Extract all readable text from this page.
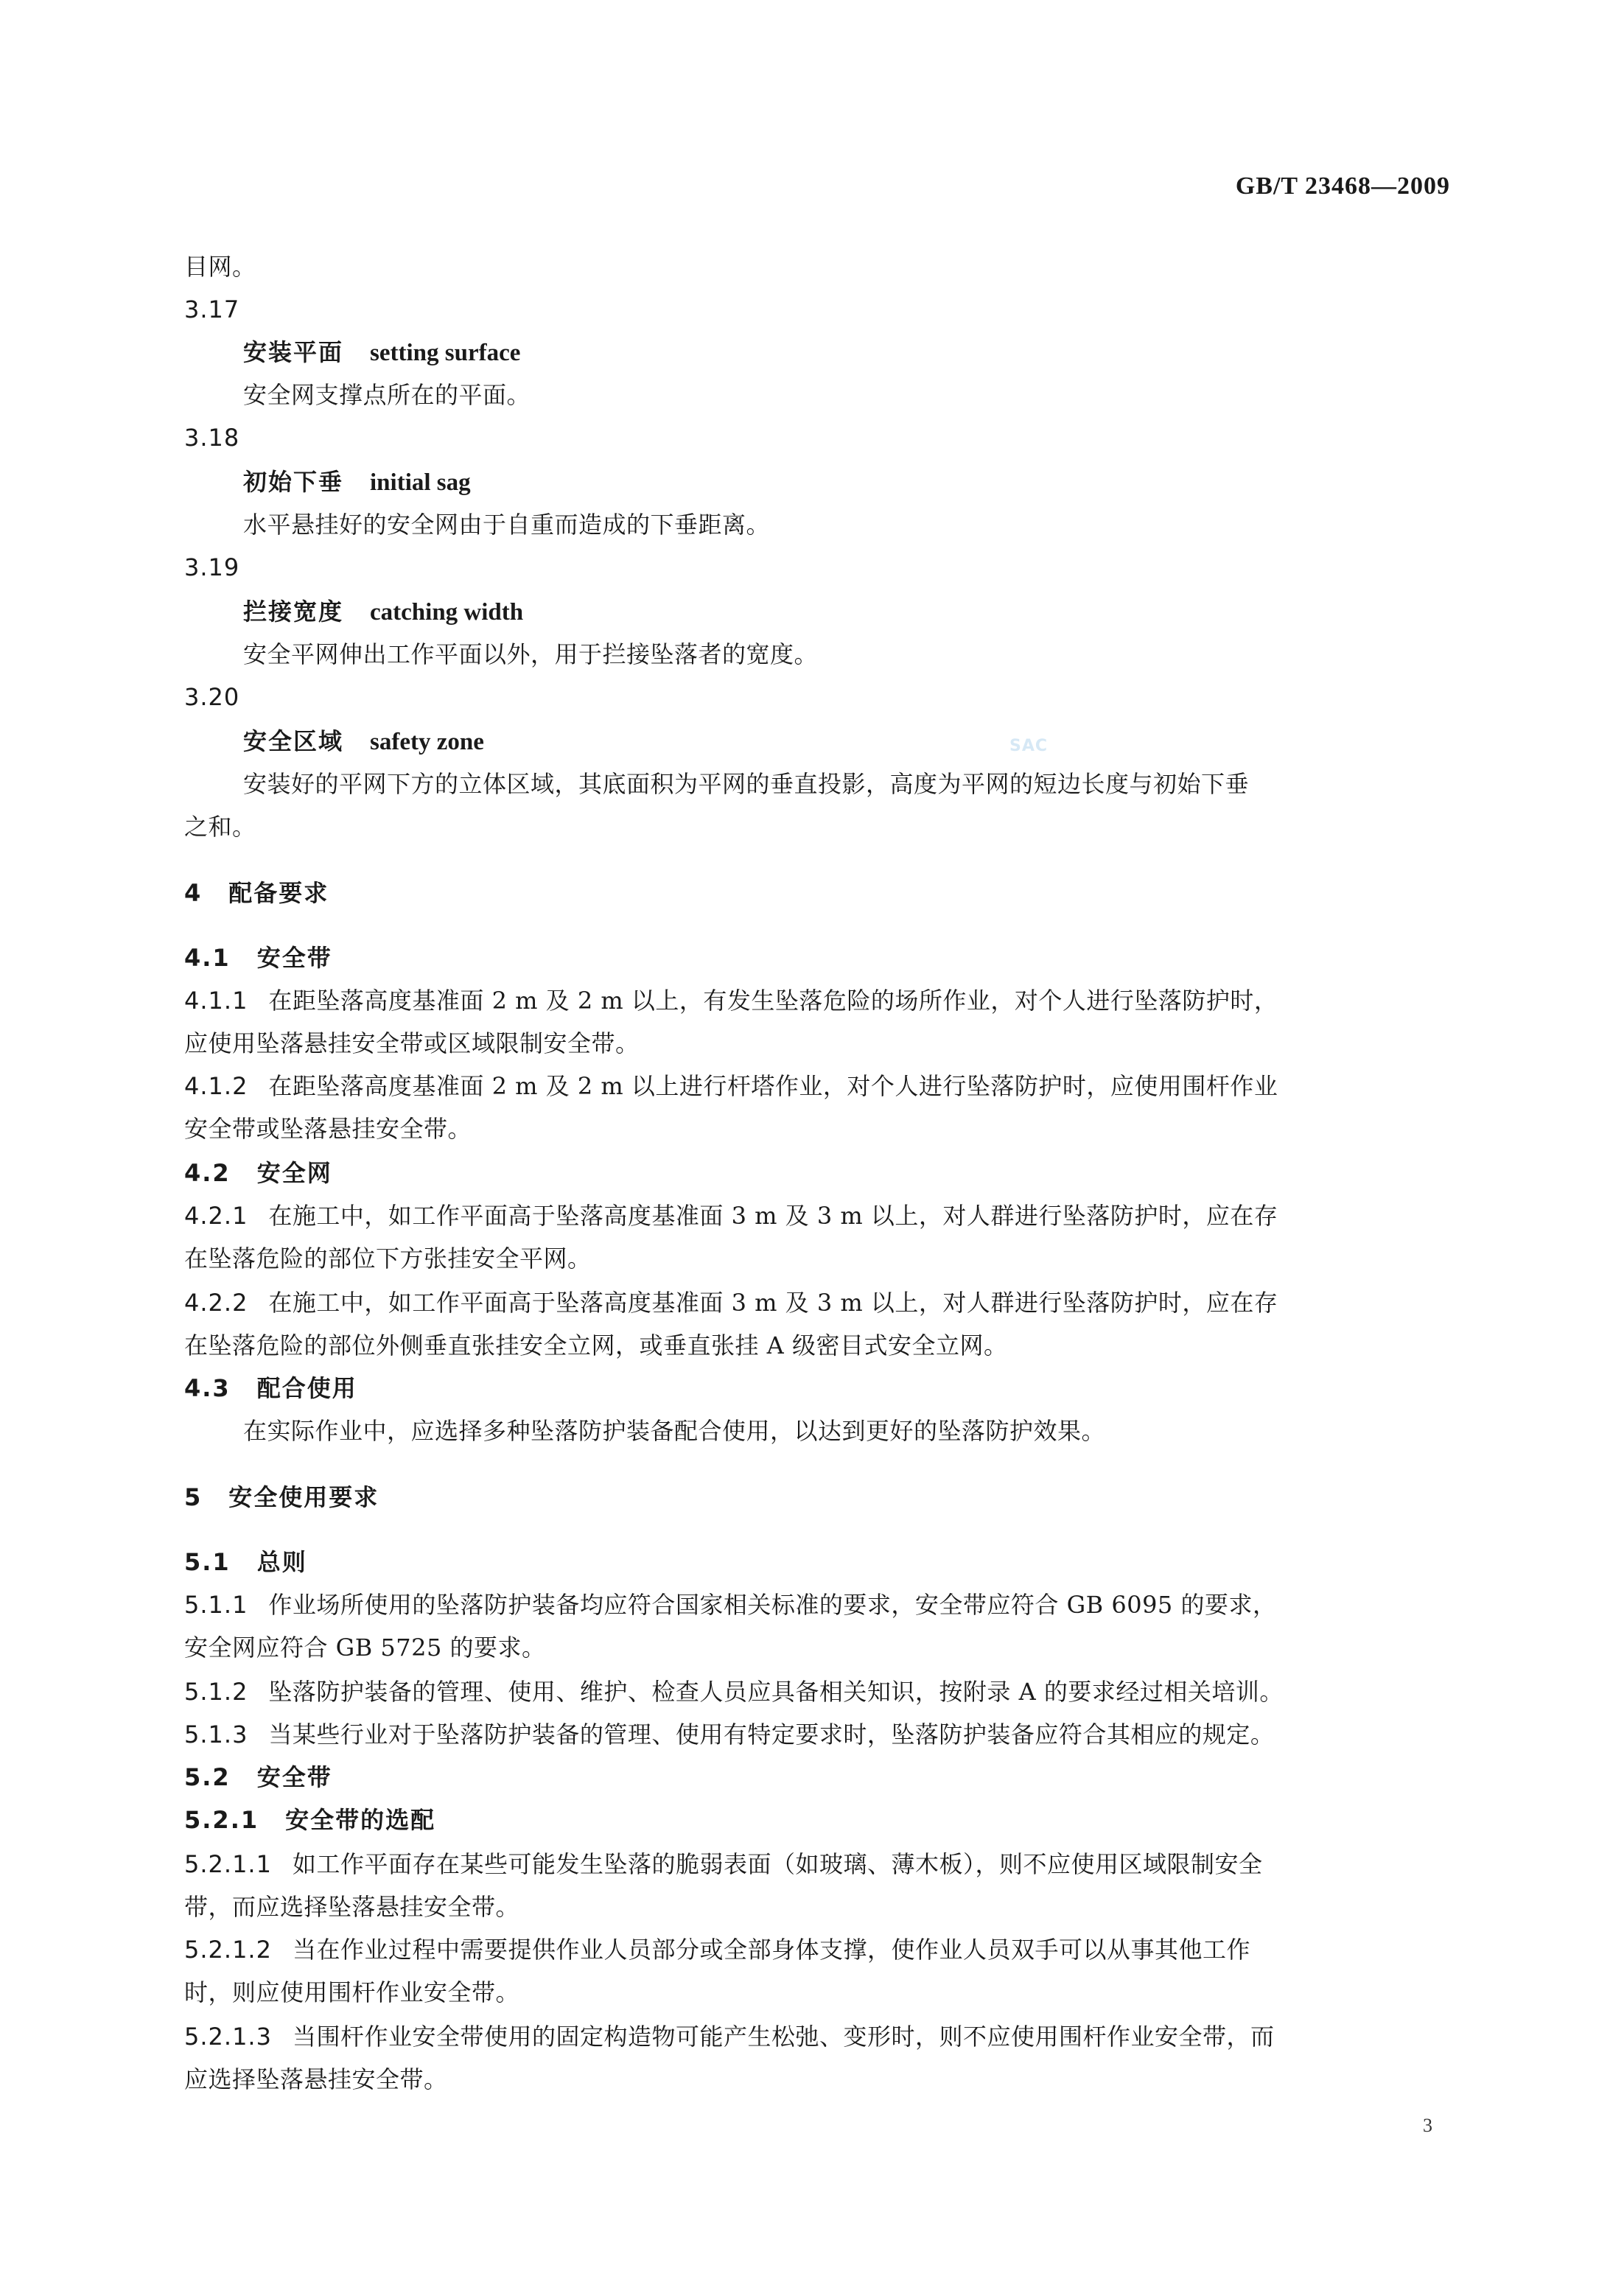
GB/T 23468—2009
SAC
目网。
3.17
安装平面 setting surface
安全网支撑点所在的平面。
3.18
初始下垂 initial sag
水平悬挂好的安全网由于自重而造成的下垂距离。
3.19
拦接宽度 catching width
安全平网伸出工作平面以外，用于拦接坠落者的宽度。
3.20
安全区域 safety zone
安装好的平网下方的立体区域，其底面积为平网的垂直投影，高度为平网的短边长度与初始下垂
之和。
4 配备要求
4.1 安全带
4.1.1 在距坠落高度基准面 2 m 及 2 m 以上，有发生坠落危险的场所作业，对个人进行坠落防护时，
应使用坠落悬挂安全带或区域限制安全带。
4.1.2 在距坠落高度基准面 2 m 及 2 m 以上进行杆塔作业，对个人进行坠落防护时，应使用围杆作业
安全带或坠落悬挂安全带。
4.2 安全网
4.2.1 在施工中，如工作平面高于坠落高度基准面 3 m 及 3 m 以上，对人群进行坠落防护时，应在存
在坠落危险的部位下方张挂安全平网。
4.2.2 在施工中，如工作平面高于坠落高度基准面 3 m 及 3 m 以上，对人群进行坠落防护时，应在存
在坠落危险的部位外侧垂直张挂安全立网，或垂直张挂 A 级密目式安全立网。
4.3 配合使用
在实际作业中，应选择多种坠落防护装备配合使用，以达到更好的坠落防护效果。
5 安全使用要求
5.1 总则
5.1.1 作业场所使用的坠落防护装备均应符合国家相关标准的要求，安全带应符合 GB 6095 的要求，
安全网应符合 GB 5725 的要求。
5.1.2 坠落防护装备的管理、使用、维护、检查人员应具备相关知识，按附录 A 的要求经过相关培训。
5.1.3 当某些行业对于坠落防护装备的管理、使用有特定要求时，坠落防护装备应符合其相应的规定。
5.2 安全带
5.2.1 安全带的选配
5.2.1.1 如工作平面存在某些可能发生坠落的脆弱表面（如玻璃、薄木板），则不应使用区域限制安全
带，而应选择坠落悬挂安全带。
5.2.1.2 当在作业过程中需要提供作业人员部分或全部身体支撑，使作业人员双手可以从事其他工作
时，则应使用围杆作业安全带。
5.2.1.3 当围杆作业安全带使用的固定构造物可能产生松弛、变形时，则不应使用围杆作业安全带，而
应选择坠落悬挂安全带。
3
